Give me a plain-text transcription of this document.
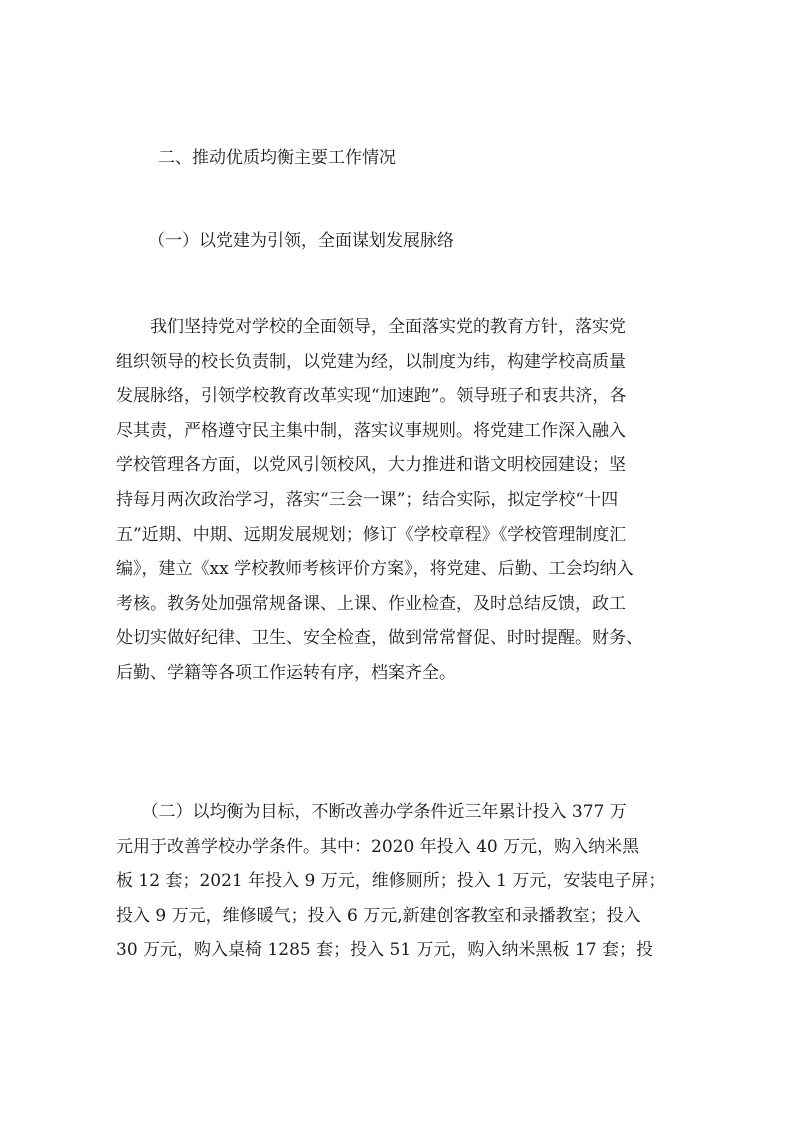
二、推动优质均衡主要工作情况
（一）以党建为引领，全面谋划发展脉络
　　我们坚持党对学校的全面领导，全面落实党的教育方针，落实党
组织领导的校长负责制，以党建为经，以制度为纬，构建学校高质量
发展脉络，引领学校教育改革实现“加速跑”。领导班子和衷共济，各
尽其责，严格遵守民主集中制，落实议事规则。将党建工作深入融入
学校管理各方面，以党风引领校风，大力推进和谐文明校园建设；坚
持每月两次政治学习，落实“三会一课”；结合实际，拟定学校“十四
五”近期、中期、远期发展规划；修订《学校章程》《学校管理制度汇
编》，建立《xx 学校教师考核评价方案》，将党建、后勤、工会均纳入
考核。教务处加强常规备课、上课、作业检查，及时总结反馈，政工
处切实做好纪律、卫生、安全检查，做到常常督促、时时提醒。财务、
后勤、学籍等各项工作运转有序，档案齐全。
　　（二）以均衡为目标，不断改善办学条件近三年累计投入 377 万
元用于改善学校办学条件。其中：2020 年投入 40 万元，购入纳米黑
板 12 套；2021 年投入 9 万元，维修厕所；投入 1 万元，安装电子屏；
投入 9 万元，维修暖气；投入 6 万元,新建创客教室和录播教室；投入
30 万元，购入桌椅 1285 套；投入 51 万元，购入纳米黑板 17 套；投
